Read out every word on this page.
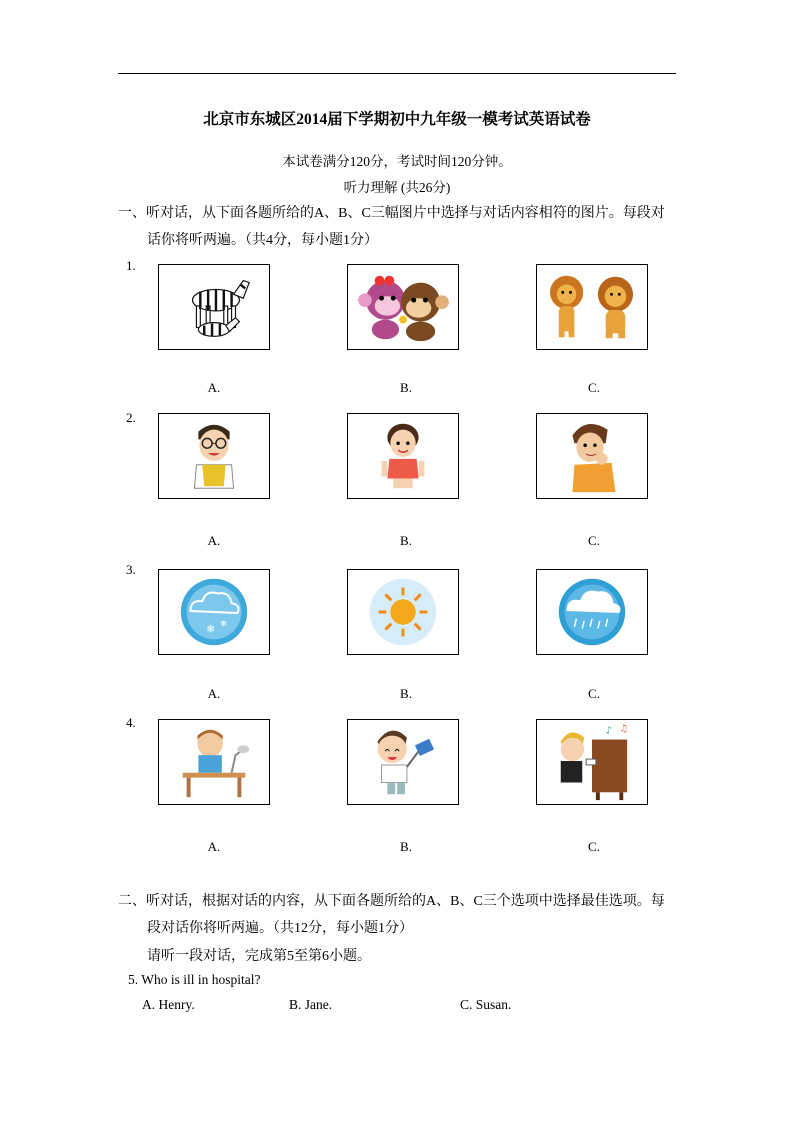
北京市东城区2014届下学期初中九年级一模考试英语试卷
本试卷满分120分，考试时间120分钟。
听力理解 (共26分)
一、听对话，从下面各题所给的A、B、C三幅图片中选择与对话内容相符的图片。每段对
话你将听两遍。（共4分，每小题1分）
1.
A.	B.	C.
2.
A.	B.	C.
3.
❄ ❄
A.	B.	C.
4.
♪ ♫
A.	B.	C.
二、听对话，根据对话的内容，从下面各题所给的A、B、C三个选项中选择最佳选项。每
段对话你将听两遍。（共12分，每小题1分）
请听一段对话，完成第5至第6小题。
5. Who is ill in hospital?
A. Henry.	B. Jane.	C. Susan.
